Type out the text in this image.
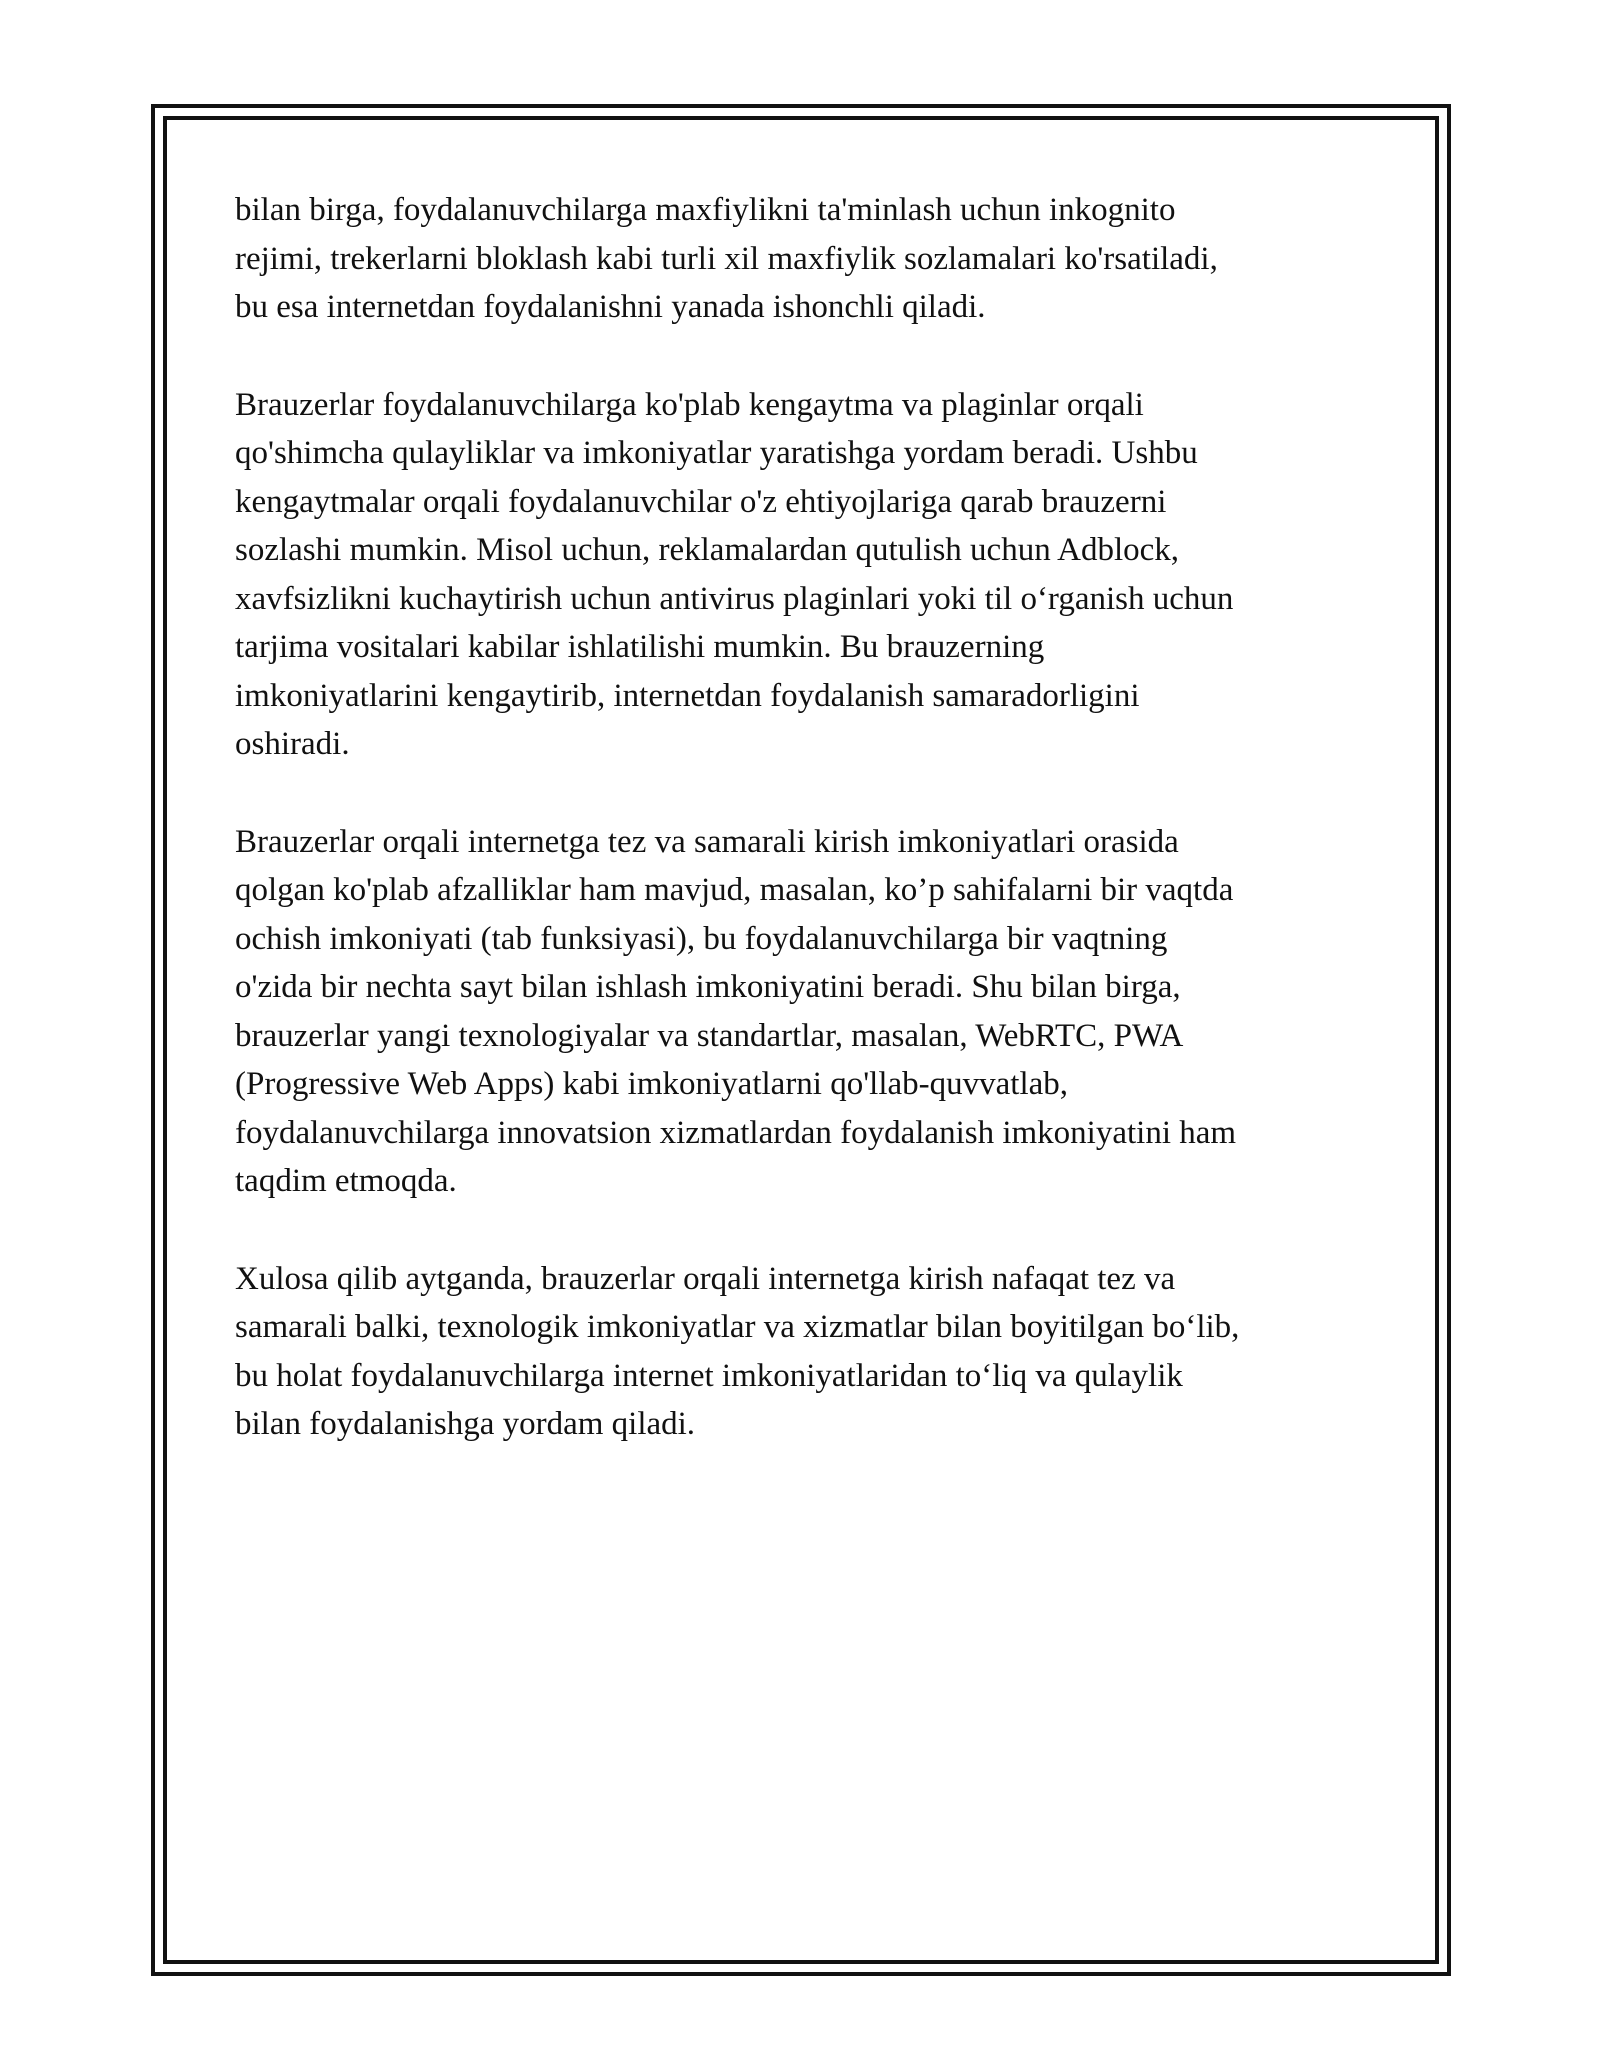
bilan birga, foydalanuvchilarga maxfiylikni ta'minlash uchun inkognito
rejimi, trekerlarni bloklash kabi turli xil maxfiylik sozlamalari ko'rsatiladi,
bu esa internetdan foydalanishni yanada ishonchli qiladi.

Brauzerlar foydalanuvchilarga ko'plab kengaytma va plaginlar orqali
qo'shimcha qulayliklar va imkoniyatlar yaratishga yordam beradi. Ushbu
kengaytmalar orqali foydalanuvchilar o'z ehtiyojlariga qarab brauzerni
sozlashi mumkin. Misol uchun, reklamalardan qutulish uchun Adblock,
xavfsizlikni kuchaytirish uchun antivirus plaginlari yoki til o‘rganish uchun
tarjima vositalari kabilar ishlatilishi mumkin. Bu brauzerning
imkoniyatlarini kengaytirib, internetdan foydalanish samaradorligini
oshiradi.

Brauzerlar orqali internetga tez va samarali kirish imkoniyatlari orasida
qolgan ko'plab afzalliklar ham mavjud, masalan, ko’p sahifalarni bir vaqtda
ochish imkoniyati (tab funksiyasi), bu foydalanuvchilarga bir vaqtning
o'zida bir nechta sayt bilan ishlash imkoniyatini beradi. Shu bilan birga,
brauzerlar yangi texnologiyalar va standartlar, masalan, WebRTC, PWA
(Progressive Web Apps) kabi imkoniyatlarni qo'llab-quvvatlab,
foydalanuvchilarga innovatsion xizmatlardan foydalanish imkoniyatini ham
taqdim etmoqda.

Xulosa qilib aytganda, brauzerlar orqali internetga kirish nafaqat tez va
samarali balki, texnologik imkoniyatlar va xizmatlar bilan boyitilgan bo‘lib,
bu holat foydalanuvchilarga internet imkoniyatlaridan to‘liq va qulaylik
bilan foydalanishga yordam qiladi.
